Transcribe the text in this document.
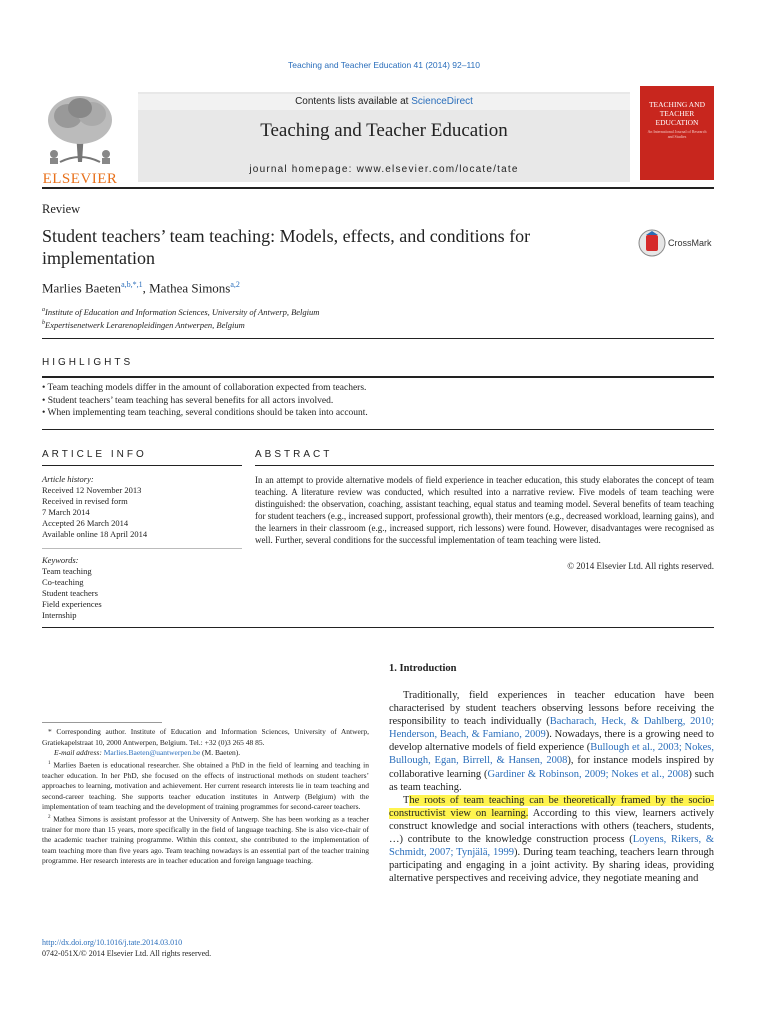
Teaching and Teacher Education 41 (2014) 92–110
ELSEVIER
Contents lists available at ScienceDirect
Teaching and Teacher Education
journal homepage: www.elsevier.com/locate/tate
TEACHING AND TEACHER EDUCATION
An International Journal of Research and Studies
Review
Student teachers’ team teaching: Models, effects, and conditions for implementation
CrossMark
Marlies Baeten$^{a,b,*,1}$, Mathea Simons$^{a,2}$
$^a$Institute of Education and Information Sciences, University of Antwerp, Belgium
$^b$Expertisenetwerk Lerarenopleidingen Antwerpen, Belgium
HIGHLIGHTS
• Team teaching models differ in the amount of collaboration expected from teachers.
• Student teachers’ team teaching has several benefits for all actors involved.
• When implementing team teaching, several conditions should be taken into account.
ARTICLE INFO
Article history:
Received 12 November 2013
Received in revised form
7 March 2014
Accepted 26 March 2014
Available online 18 April 2014
Keywords:
Team teaching
Co-teaching
Student teachers
Field experiences
Internship
ABSTRACT
In an attempt to provide alternative models of field experience in teacher education, this study elaborates the concept of team teaching. A literature review was conducted, which resulted into a narrative review. Five models of team teaching were distinguished: the observation, coaching, assistant teaching, equal status and teaming model. Several benefits of team teaching for student teachers (e.g., increased support, professional growth), their mentors (e.g., decreased workload, learning gains), and the learners in their classroom (e.g., increased support, rich lessons) were found. However, disadvantages were recognised as well. Further, several conditions for the successful implementation of team teaching were listed.
© 2014 Elsevier Ltd. All rights reserved.

* Corresponding author. Institute of Education and Information Sciences, University of Antwerp, Gratiekapelstraat 10, 2000 Antwerpen, Belgium. Tel.: +32 (0)3 265 48 85.

E-mail address: Marlies.Baeten@uantwerpen.be (M. Baeten).

$^1$ Marlies Baeten is educational researcher. She obtained a PhD in the field of learning and teaching in teacher education. In her PhD, she focused on the effects of instructional methods on student teachers’ approaches to learning, motivation and achievement. Her current research interests lie in team teaching and second-career teaching. She supports teacher education institutes in Antwerp (Belgium) with the implementation of team teaching and the development of training programmes for second-career teachers.

$^2$ Mathea Simons is assistant professor at the University of Antwerp. She has been working as a teacher trainer for more than 15 years, more specifically in the field of language teaching. She is also vice-chair of the academic teacher training programme. Within this context, she contributed to the implementation of team teaching more than five years ago. Team teaching nowadays is an essential part of the teacher training programme. Her research interests are in teacher education and foreign language teaching.

http://dx.doi.org/10.1016/j.tate.2014.03.010
0742-051X/© 2014 Elsevier Ltd. All rights reserved.
1. Introduction

Traditionally, field experiences in teacher education have been characterised by student teachers observing lessons before receiving the responsibility to teach individually (Bacharach, Heck, & Dahlberg, 2010; Henderson, Beach, & Famiano, 2009). Nowadays, there is a growing need to develop alternative models of field experience (Bullough et al., 2003; Nokes, Bullough, Egan, Birrell, & Hansen, 2008), for instance models inspired by collaborative learning (Gardiner & Robinson, 2009; Nokes et al., 2008) such as team teaching.

The roots of team teaching can be theoretically framed by the socio-constructivist view on learning. According to this view, learners actively construct knowledge and social interactions with others (teachers, students, …) contribute to the knowledge construction process (Loyens, Rikers, & Schmidt, 2007; Tynjälä, 1999). During team teaching, teachers learn through participating and engaging in a joint activity. By sharing ideas, providing alternative perspectives and receiving advice, they negotiate meaning and
